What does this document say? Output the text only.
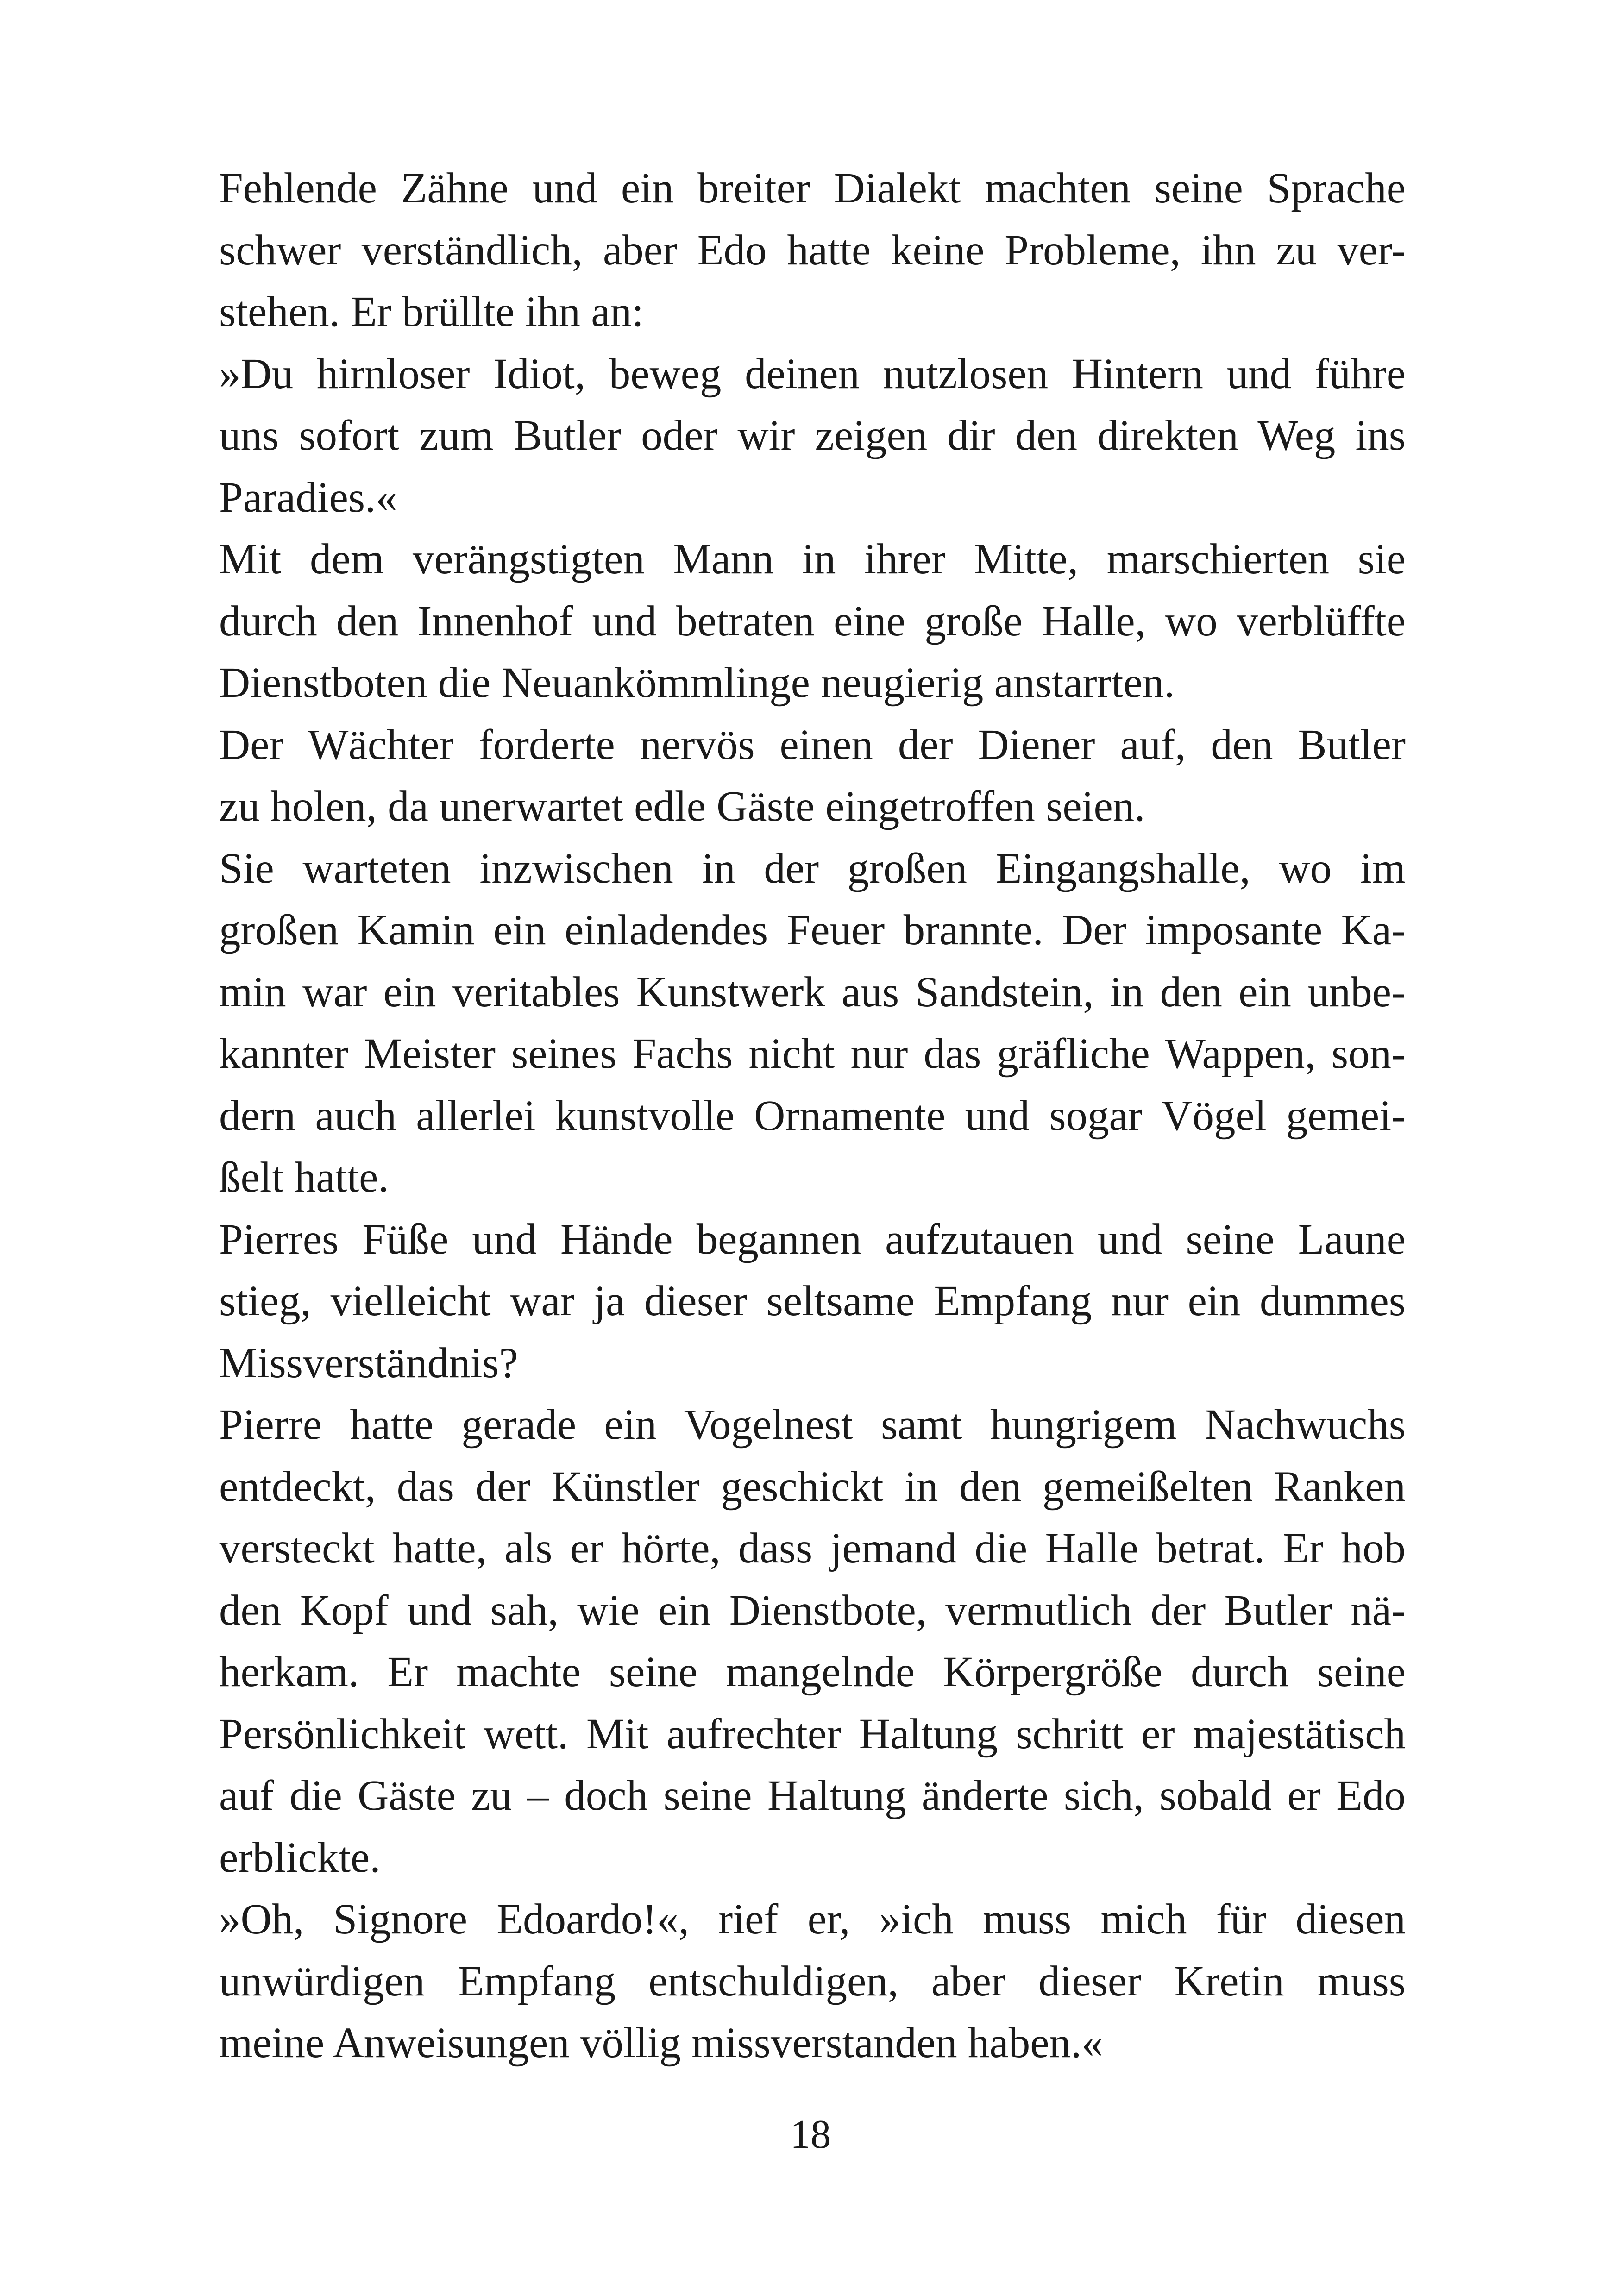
Fehlende Zähne und ein breiter Dialekt machten seine Sprache
schwer verständlich, aber Edo hatte keine Probleme, ihn zu ver-
stehen. Er brüllte ihn an:
»Du hirnloser Idiot, beweg deinen nutzlosen Hintern und führe
uns sofort zum Butler oder wir zeigen dir den direkten Weg ins
Paradies.«
Mit dem verängstigten Mann in ihrer Mitte, marschierten sie
durch den Innenhof und betraten eine große Halle, wo verblüffte
Dienstboten die Neuankömmlinge neugierig anstarrten.
Der Wächter forderte nervös einen der Diener auf, den Butler
zu holen, da unerwartet edle Gäste eingetroffen seien.
Sie warteten inzwischen in der großen Eingangshalle, wo im
großen Kamin ein einladendes Feuer brannte. Der imposante Ka-
min war ein veritables Kunstwerk aus Sandstein, in den ein unbe-
kannter Meister seines Fachs nicht nur das gräfliche Wappen, son-
dern auch allerlei kunstvolle Ornamente und sogar Vögel gemei-
ßelt hatte.
Pierres Füße und Hände begannen aufzutauen und seine Laune
stieg, vielleicht war ja dieser seltsame Empfang nur ein dummes
Missverständnis?
Pierre hatte gerade ein Vogelnest samt hungrigem Nachwuchs
entdeckt, das der Künstler geschickt in den gemeißelten Ranken
versteckt hatte, als er hörte, dass jemand die Halle betrat. Er hob
den Kopf und sah, wie ein Dienstbote, vermutlich der Butler nä-
herkam. Er machte seine mangelnde Körpergröße durch seine
Persönlichkeit wett. Mit aufrechter Haltung schritt er majestätisch
auf die Gäste zu – doch seine Haltung änderte sich, sobald er Edo
erblickte.
»Oh, Signore Edoardo!«, rief er, »ich muss mich für diesen
unwürdigen Empfang entschuldigen, aber dieser Kretin muss
meine Anweisungen völlig missverstanden haben.«
18
